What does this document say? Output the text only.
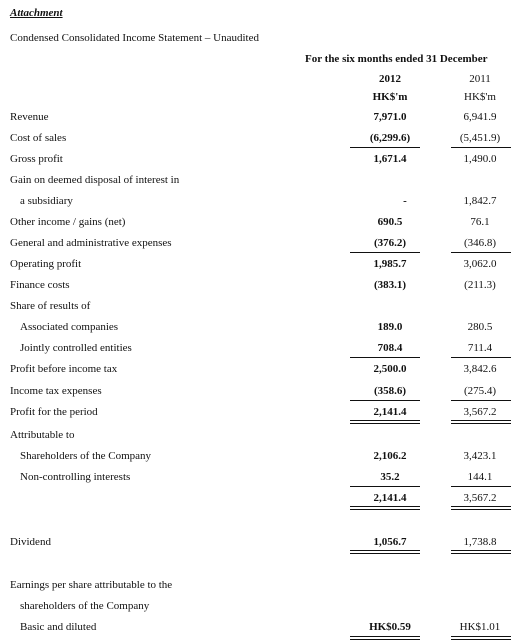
Attachment
Condensed Consolidated Income Statement – Unaudited
For the six months ended 31 December
2012	2011
HK$'m	HK$'m
Revenue	7,971.0	6,941.9
Cost of sales	(6,299.6)	(5,451.9)
Gross profit	1,671.4	1,490.0
Gain on deemed disposal of interest in
a subsidiary	-	1,842.7
Other income / gains (net)	690.5	76.1
General and administrative expenses	(376.2)	(346.8)
Operating profit	1,985.7	3,062.0
Finance costs	(383.1)	(211.3)
Share of results of
Associated companies	189.0	280.5
Jointly controlled entities	708.4	711.4
Profit before income tax	2,500.0	3,842.6
Income tax expenses	(358.6)	(275.4)
Profit for the period	2,141.4	3,567.2
Attributable to
Shareholders of the Company	2,106.2	3,423.1
Non-controlling interests	35.2	144.1
2,141.4	3,567.2
Dividend	1,056.7	1,738.8
Earnings per share attributable to the
shareholders of the Company
Basic and diluted	HK$0.59	HK$1.01
